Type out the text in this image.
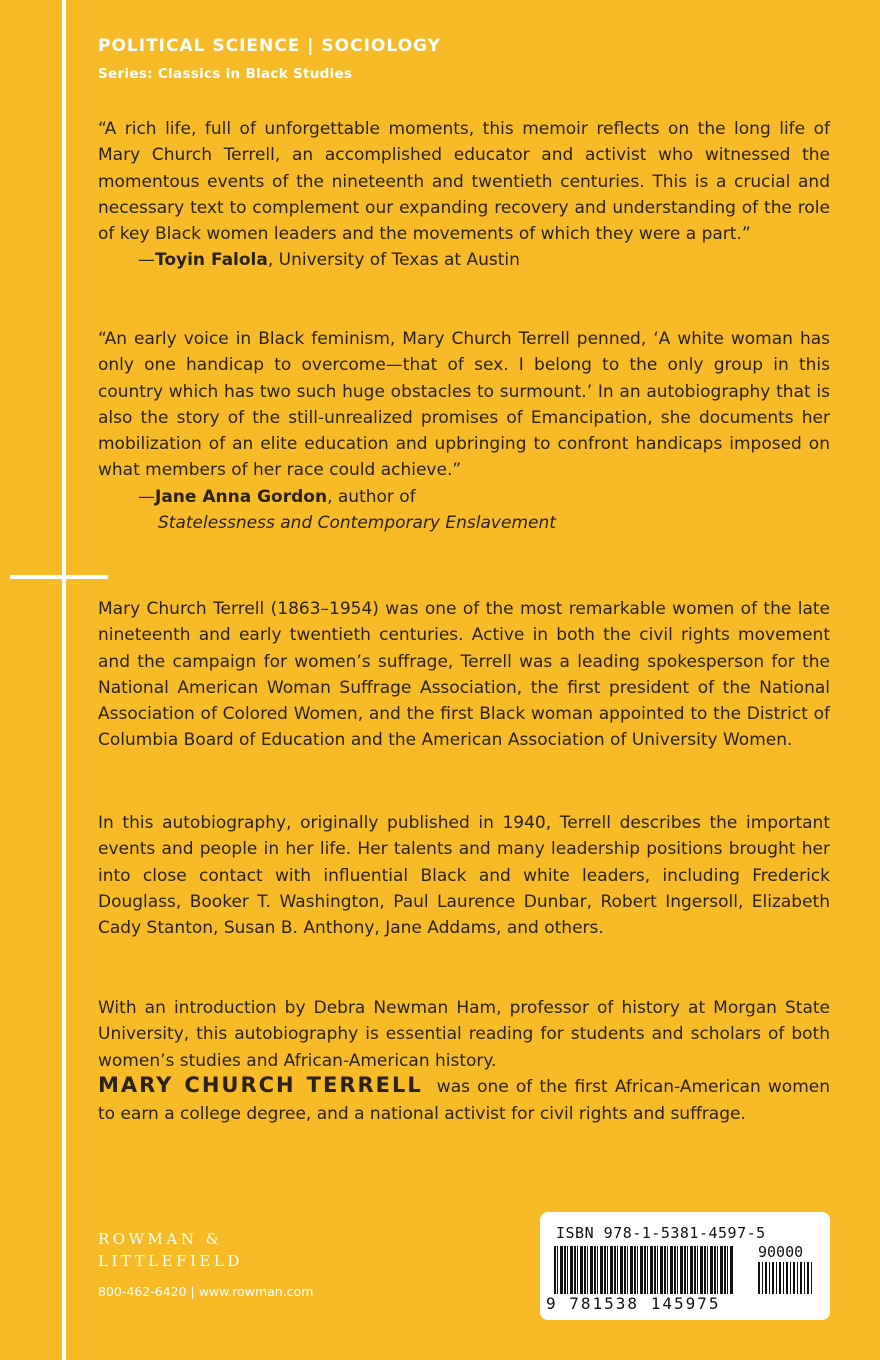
POLITICAL SCIENCE | SOCIOLOGY
Series: Classics in Black Studies
“A rich life, full of unforgettable moments, this memoir reflects on the long life of Mary Church Terrell, an accomplished educator and activist who witnessed the momentous events of the nineteenth and twentieth centuries. This is a crucial and necessary text to complement our expanding recovery and understanding of the role of key Black women leaders and the movements of which they were a part.”
—Toyin Falola, University of Texas at Austin
“An early voice in Black feminism, Mary Church Terrell penned, ‘A white woman has only one handicap to overcome—that of sex. I belong to the only group in this country which has two such huge obstacles to surmount.’ In an autobiography that is also the story of the still-unrealized promises of Emancipation, she documents her mobilization of an elite education and upbringing to confront handicaps imposed on what members of her race could achieve.”
—Jane Anna Gordon, author of
Statelessness and Contemporary Enslavement
Mary Church Terrell (1863–1954) was one of the most remarkable women of the late nineteenth and early twentieth centuries. Active in both the civil rights movement and the campaign for women’s suffrage, Terrell was a leading spokesperson for the National American Woman Suffrage Association, the first president of the National Association of Colored Women, and the first Black woman appointed to the District of Columbia Board of Education and the American Association of University Women.
In this autobiography, originally published in 1940, Terrell describes the important events and people in her life. Her talents and many leadership positions brought her into close contact with influential Black and white leaders, including Frederick Douglass, Booker T. Washington, Paul Laurence Dunbar, Robert Ingersoll, Elizabeth Cady Stanton, Susan B. Anthony, Jane Addams, and others.
With an introduction by Debra Newman Ham, professor of history at Morgan State University, this autobiography is essential reading for students and scholars of both women’s studies and African-American history.
MARY CHURCH TERRELL was one of the first African-American women to earn a college degree, and a national activist for civil rights and suffrage.
ROWMAN &
LITTLEFIELD
800-462-6420 | www.rowman.com
ISBN 978-1-5381-4597-5
90000
9 781538 145975
